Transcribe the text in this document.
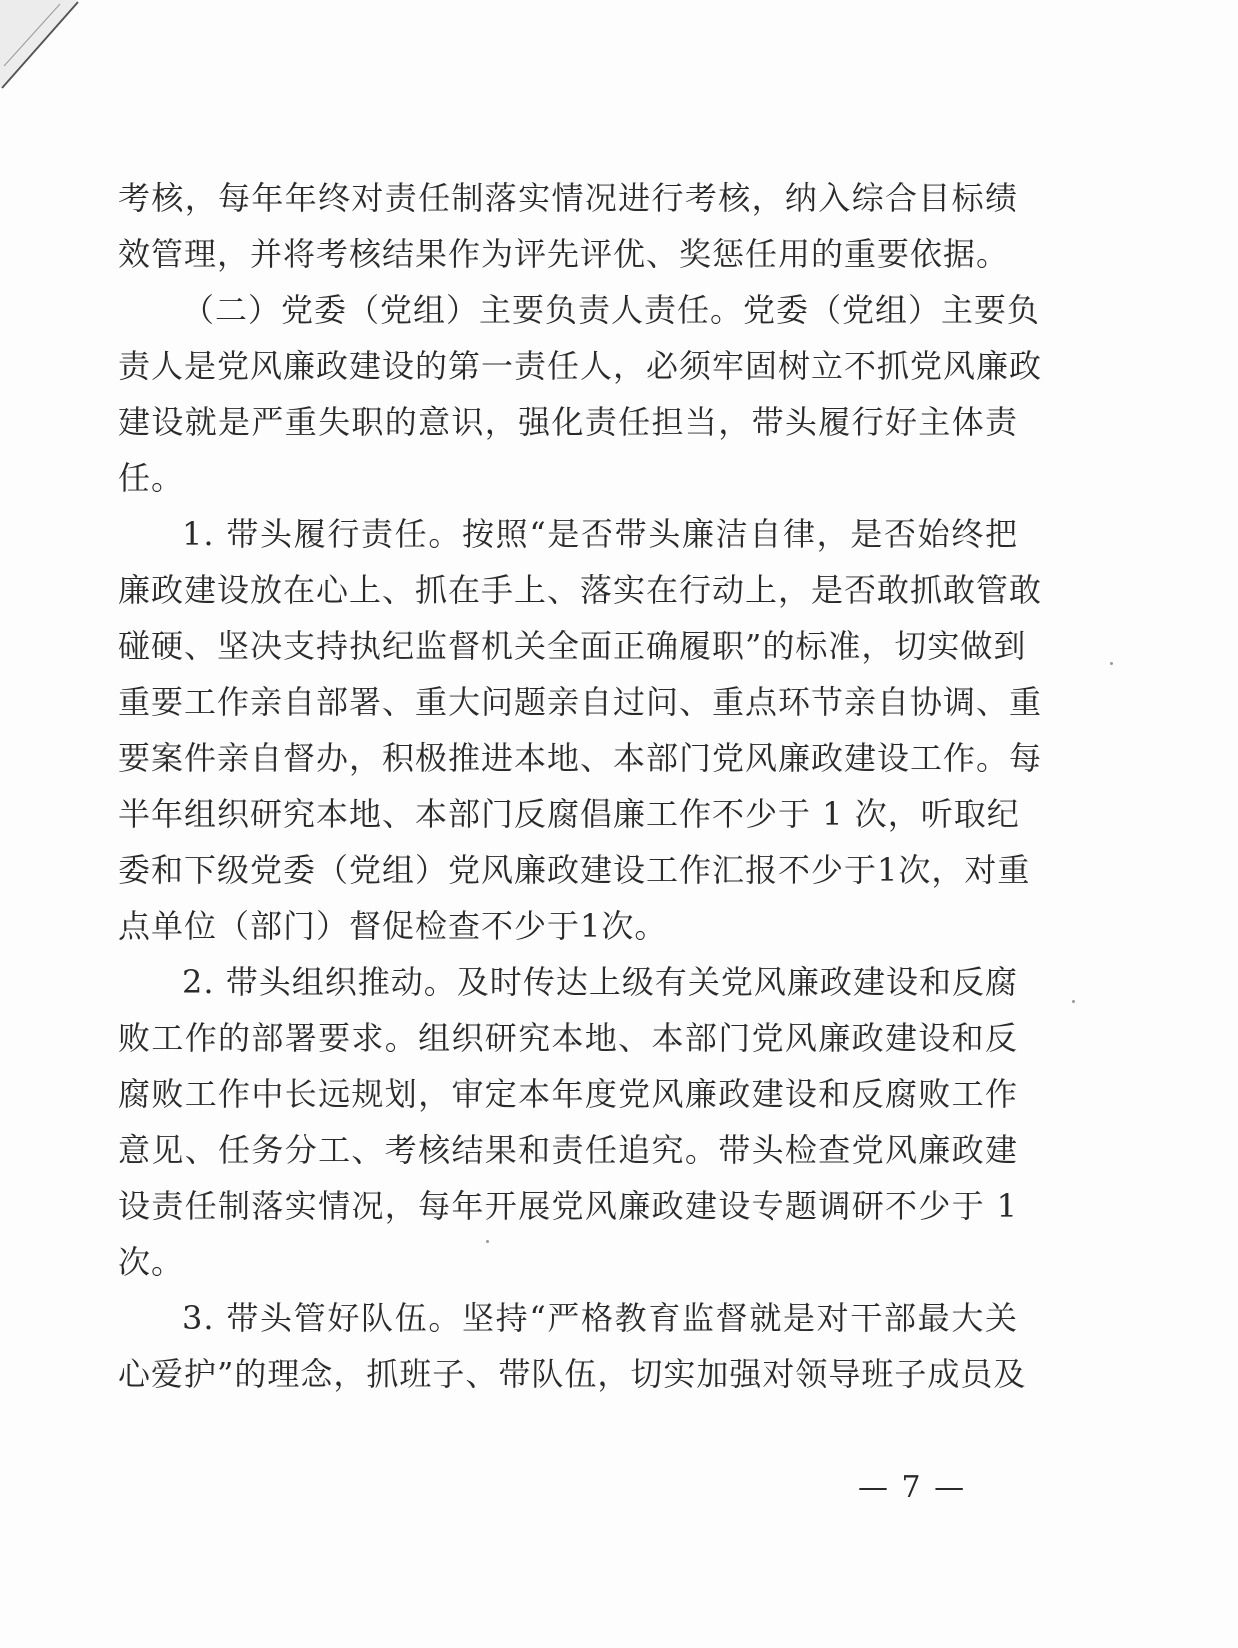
考核，每年年终对责任制落实情况进行考核，纳入综合目标绩
效管理，并将考核结果作为评先评优、奖惩任用的重要依据。
（二）党委（党组）主要负责人责任。党委（党组）主要负
责人是党风廉政建设的第一责任人，必须牢固树立不抓党风廉政
建设就是严重失职的意识，强化责任担当，带头履行好主体责
任。
1. 带头履行责任。按照“是否带头廉洁自律，是否始终把
廉政建设放在心上、抓在手上、落实在行动上，是否敢抓敢管敢
碰硬、坚决支持执纪监督机关全面正确履职”的标准，切实做到
重要工作亲自部署、重大问题亲自过问、重点环节亲自协调、重
要案件亲自督办，积极推进本地、本部门党风廉政建设工作。每
半年组织研究本地、本部门反腐倡廉工作不少于 1 次，听取纪
委和下级党委（党组）党风廉政建设工作汇报不少于1次，对重
点单位（部门）督促检查不少于1次。
2. 带头组织推动。及时传达上级有关党风廉政建设和反腐
败工作的部署要求。组织研究本地、本部门党风廉政建设和反
腐败工作中长远规划，审定本年度党风廉政建设和反腐败工作
意见、任务分工、考核结果和责任追究。带头检查党风廉政建
设责任制落实情况，每年开展党风廉政建设专题调研不少于 1
次。
3. 带头管好队伍。坚持“严格教育监督就是对干部最大关
心爱护”的理念，抓班子、带队伍，切实加强对领导班子成员及
— 7 —
